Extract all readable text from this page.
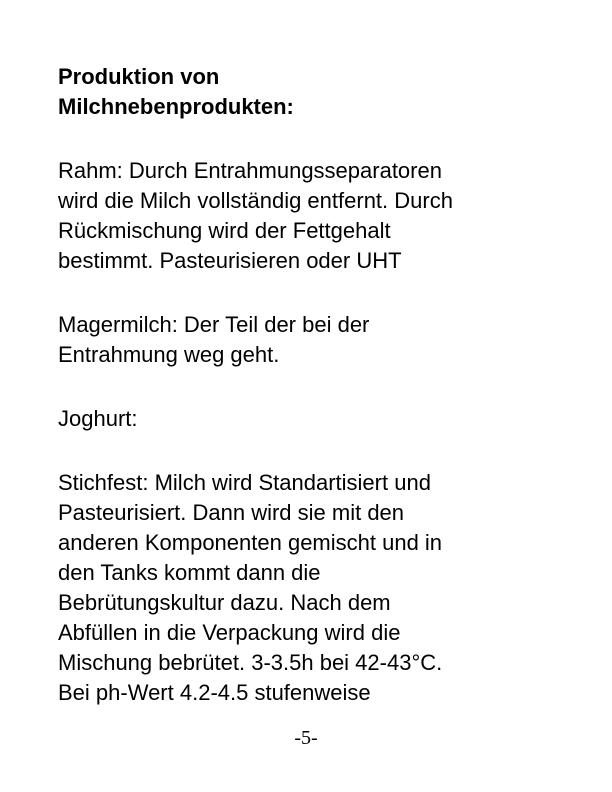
Produktion von
Milchnebenprodukten:

Rahm: Durch Entrahmungsseparatoren
wird die Milch vollständig entfernt. Durch
Rückmischung wird der Fettgehalt
bestimmt. Pasteurisieren oder UHT

Magermilch: Der Teil der bei der
Entrahmung weg geht.

Joghurt:

Stichfest: Milch wird Standartisiert und
Pasteurisiert. Dann wird sie mit den
anderen Komponenten gemischt und in
den Tanks kommt dann die
Bebrütungskultur dazu. Nach dem
Abfüllen in die Verpackung wird die
Mischung bebrütet. 3-3.5h bei 42-43°C.
Bei ph-Wert 4.2-4.5 stufenweise

-5-
